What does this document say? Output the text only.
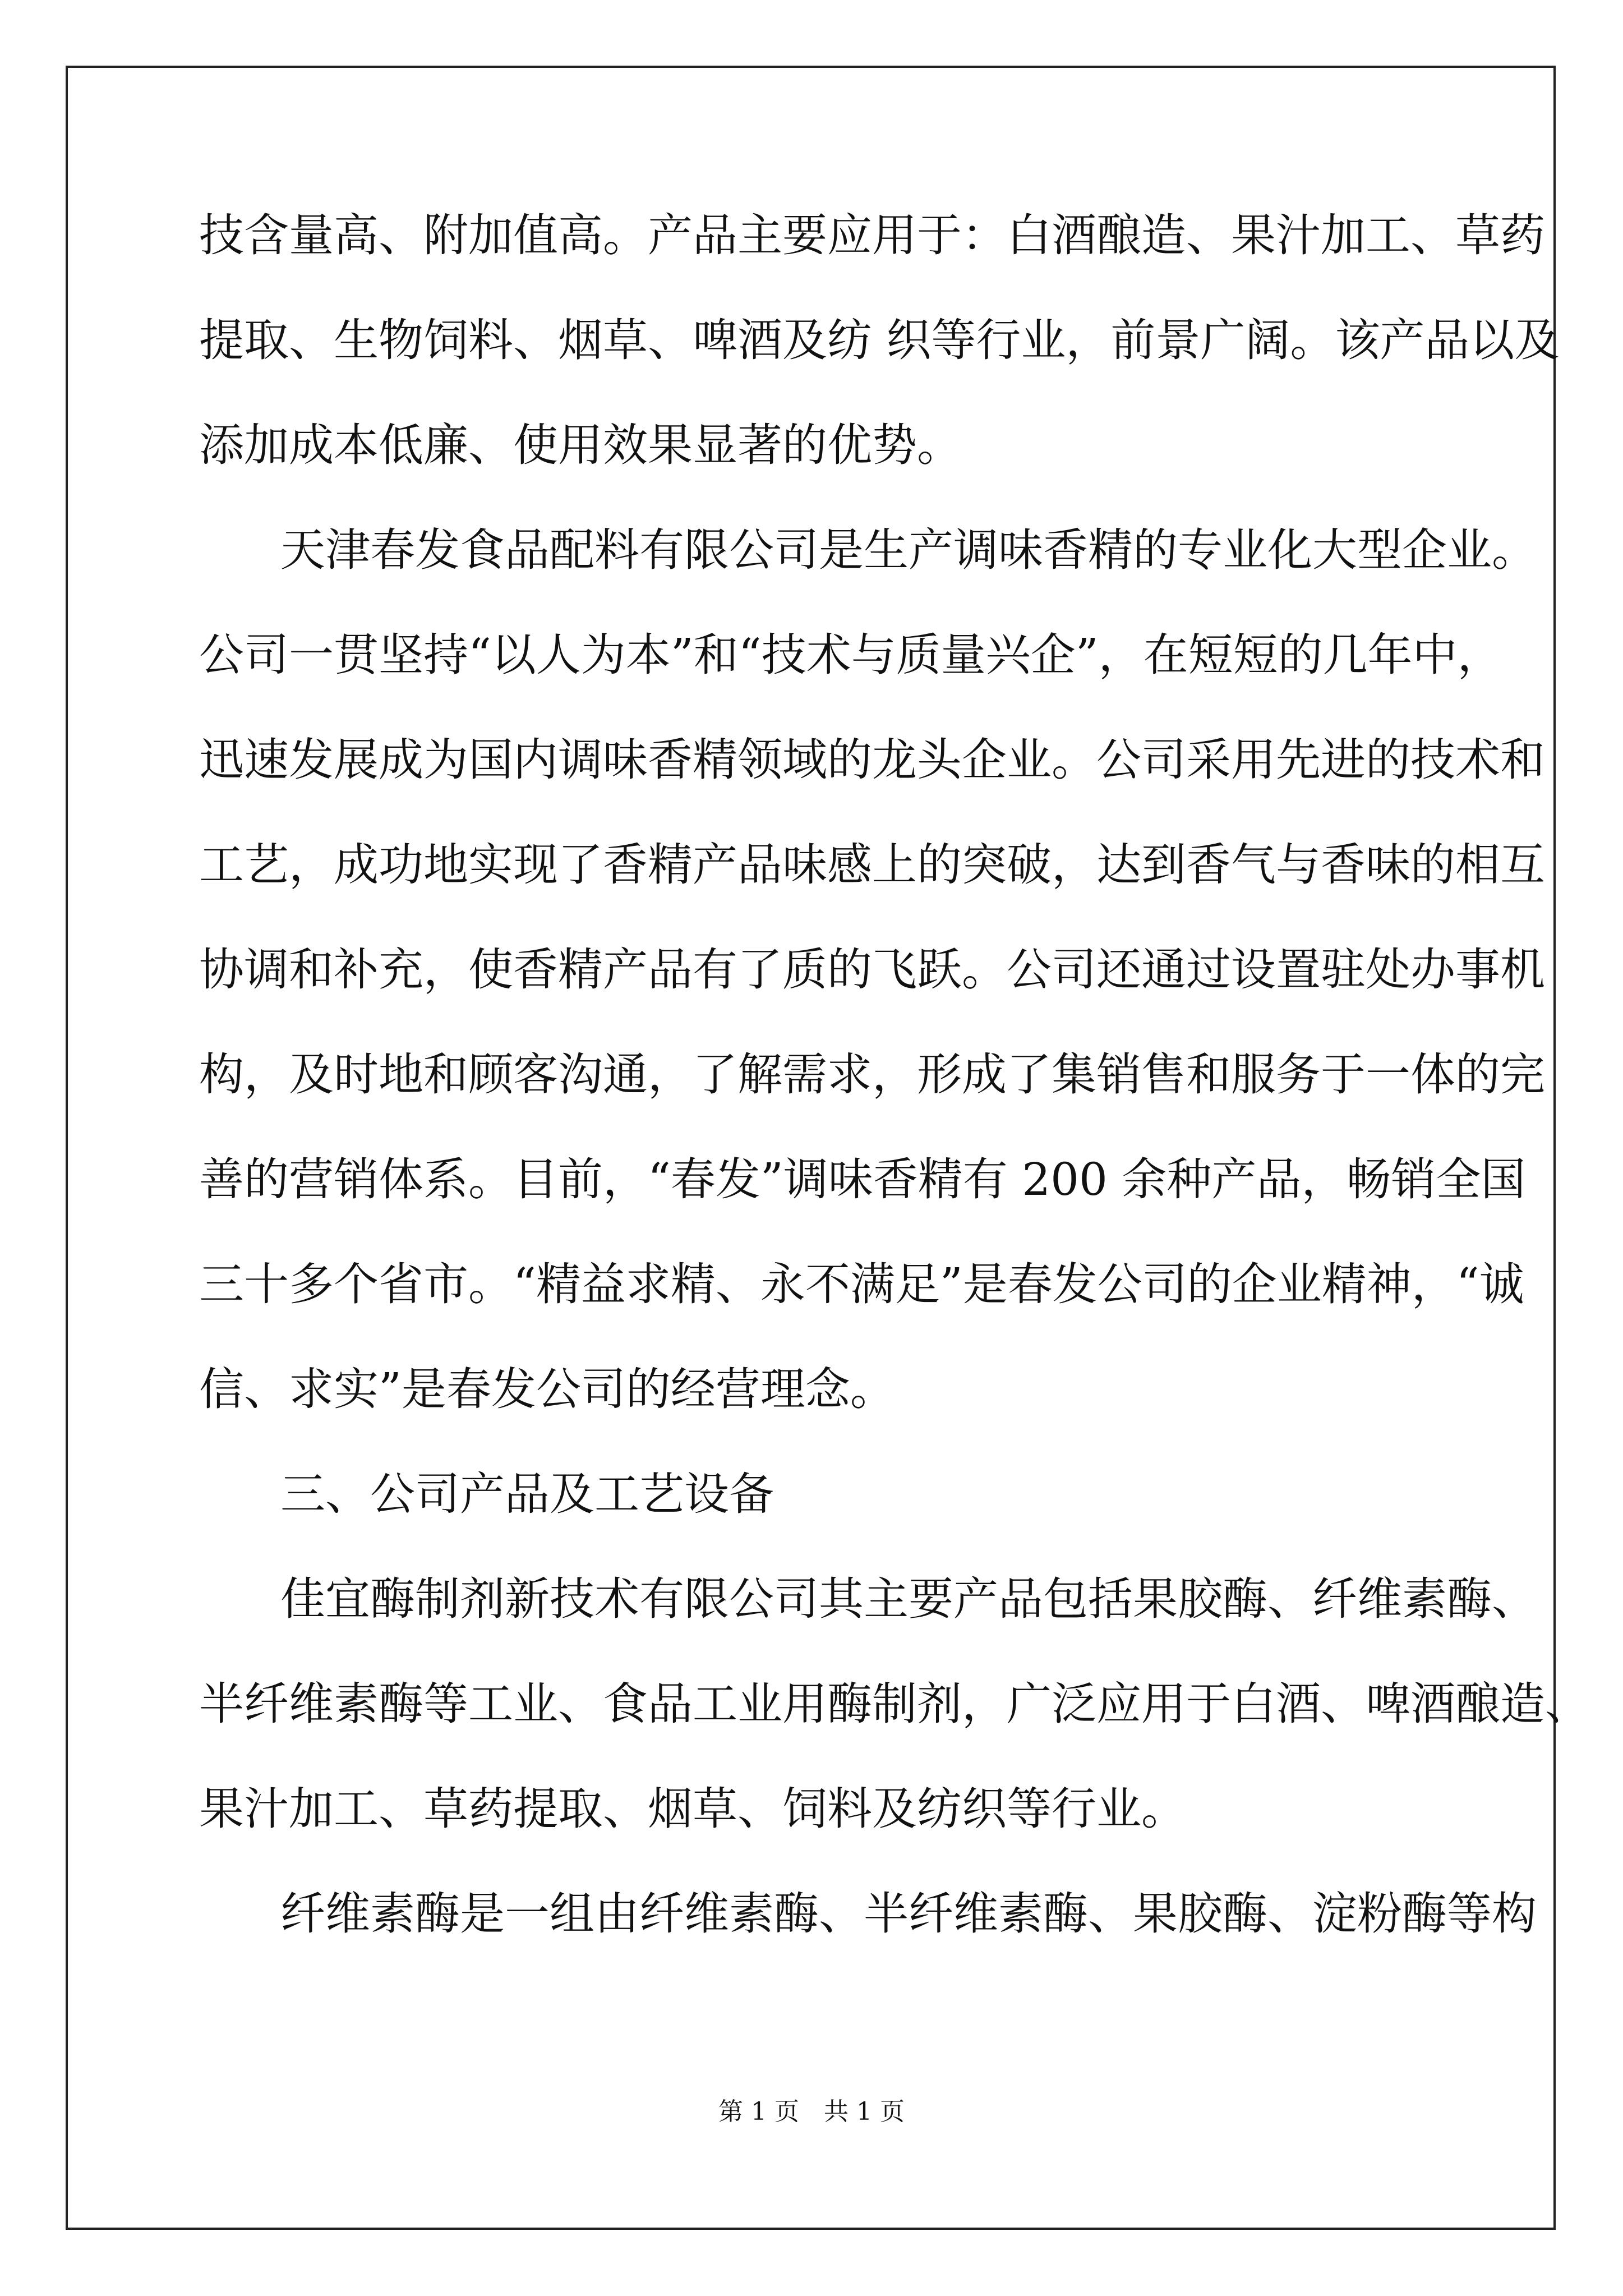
技含量高、附加值高。产品主要应用于：白酒酿造、果汁加工、草药
提取、生物饲料、烟草、啤酒及纺 织等行业，前景广阔。该产品以及
添加成本低廉、使用效果显著的优势。
天津春发食品配料有限公司是生产调味香精的专业化大型企业。
公司一贯坚持“以人为本”和“技术与质量兴企”，在短短的几年中，
迅速发展成为国内调味香精领域的龙头企业。公司采用先进的技术和
工艺，成功地实现了香精产品味感上的突破，达到香气与香味的相互
协调和补充，使香精产品有了质的飞跃。公司还通过设置驻处办事机
构，及时地和顾客沟通，了解需求，形成了集销售和服务于一体的完
善的营销体系。目前，“春发”调味香精有 200 余种产品，畅销全国
三十多个省市。“精益求精、永不满足”是春发公司的企业精神，“诚
信、求实”是春发公司的经营理念。
三、公司产品及工艺设备
佳宜酶制剂新技术有限公司其主要产品包括果胶酶、纤维素酶、
半纤维素酶等工业、食品工业用酶制剂，广泛应用于白酒、啤酒酿造、
果汁加工、草药提取、烟草、饲料及纺织等行业。
纤维素酶是一组由纤维素酶、半纤维素酶、果胶酶、淀粉酶等构
第 1 页　共 1 页
